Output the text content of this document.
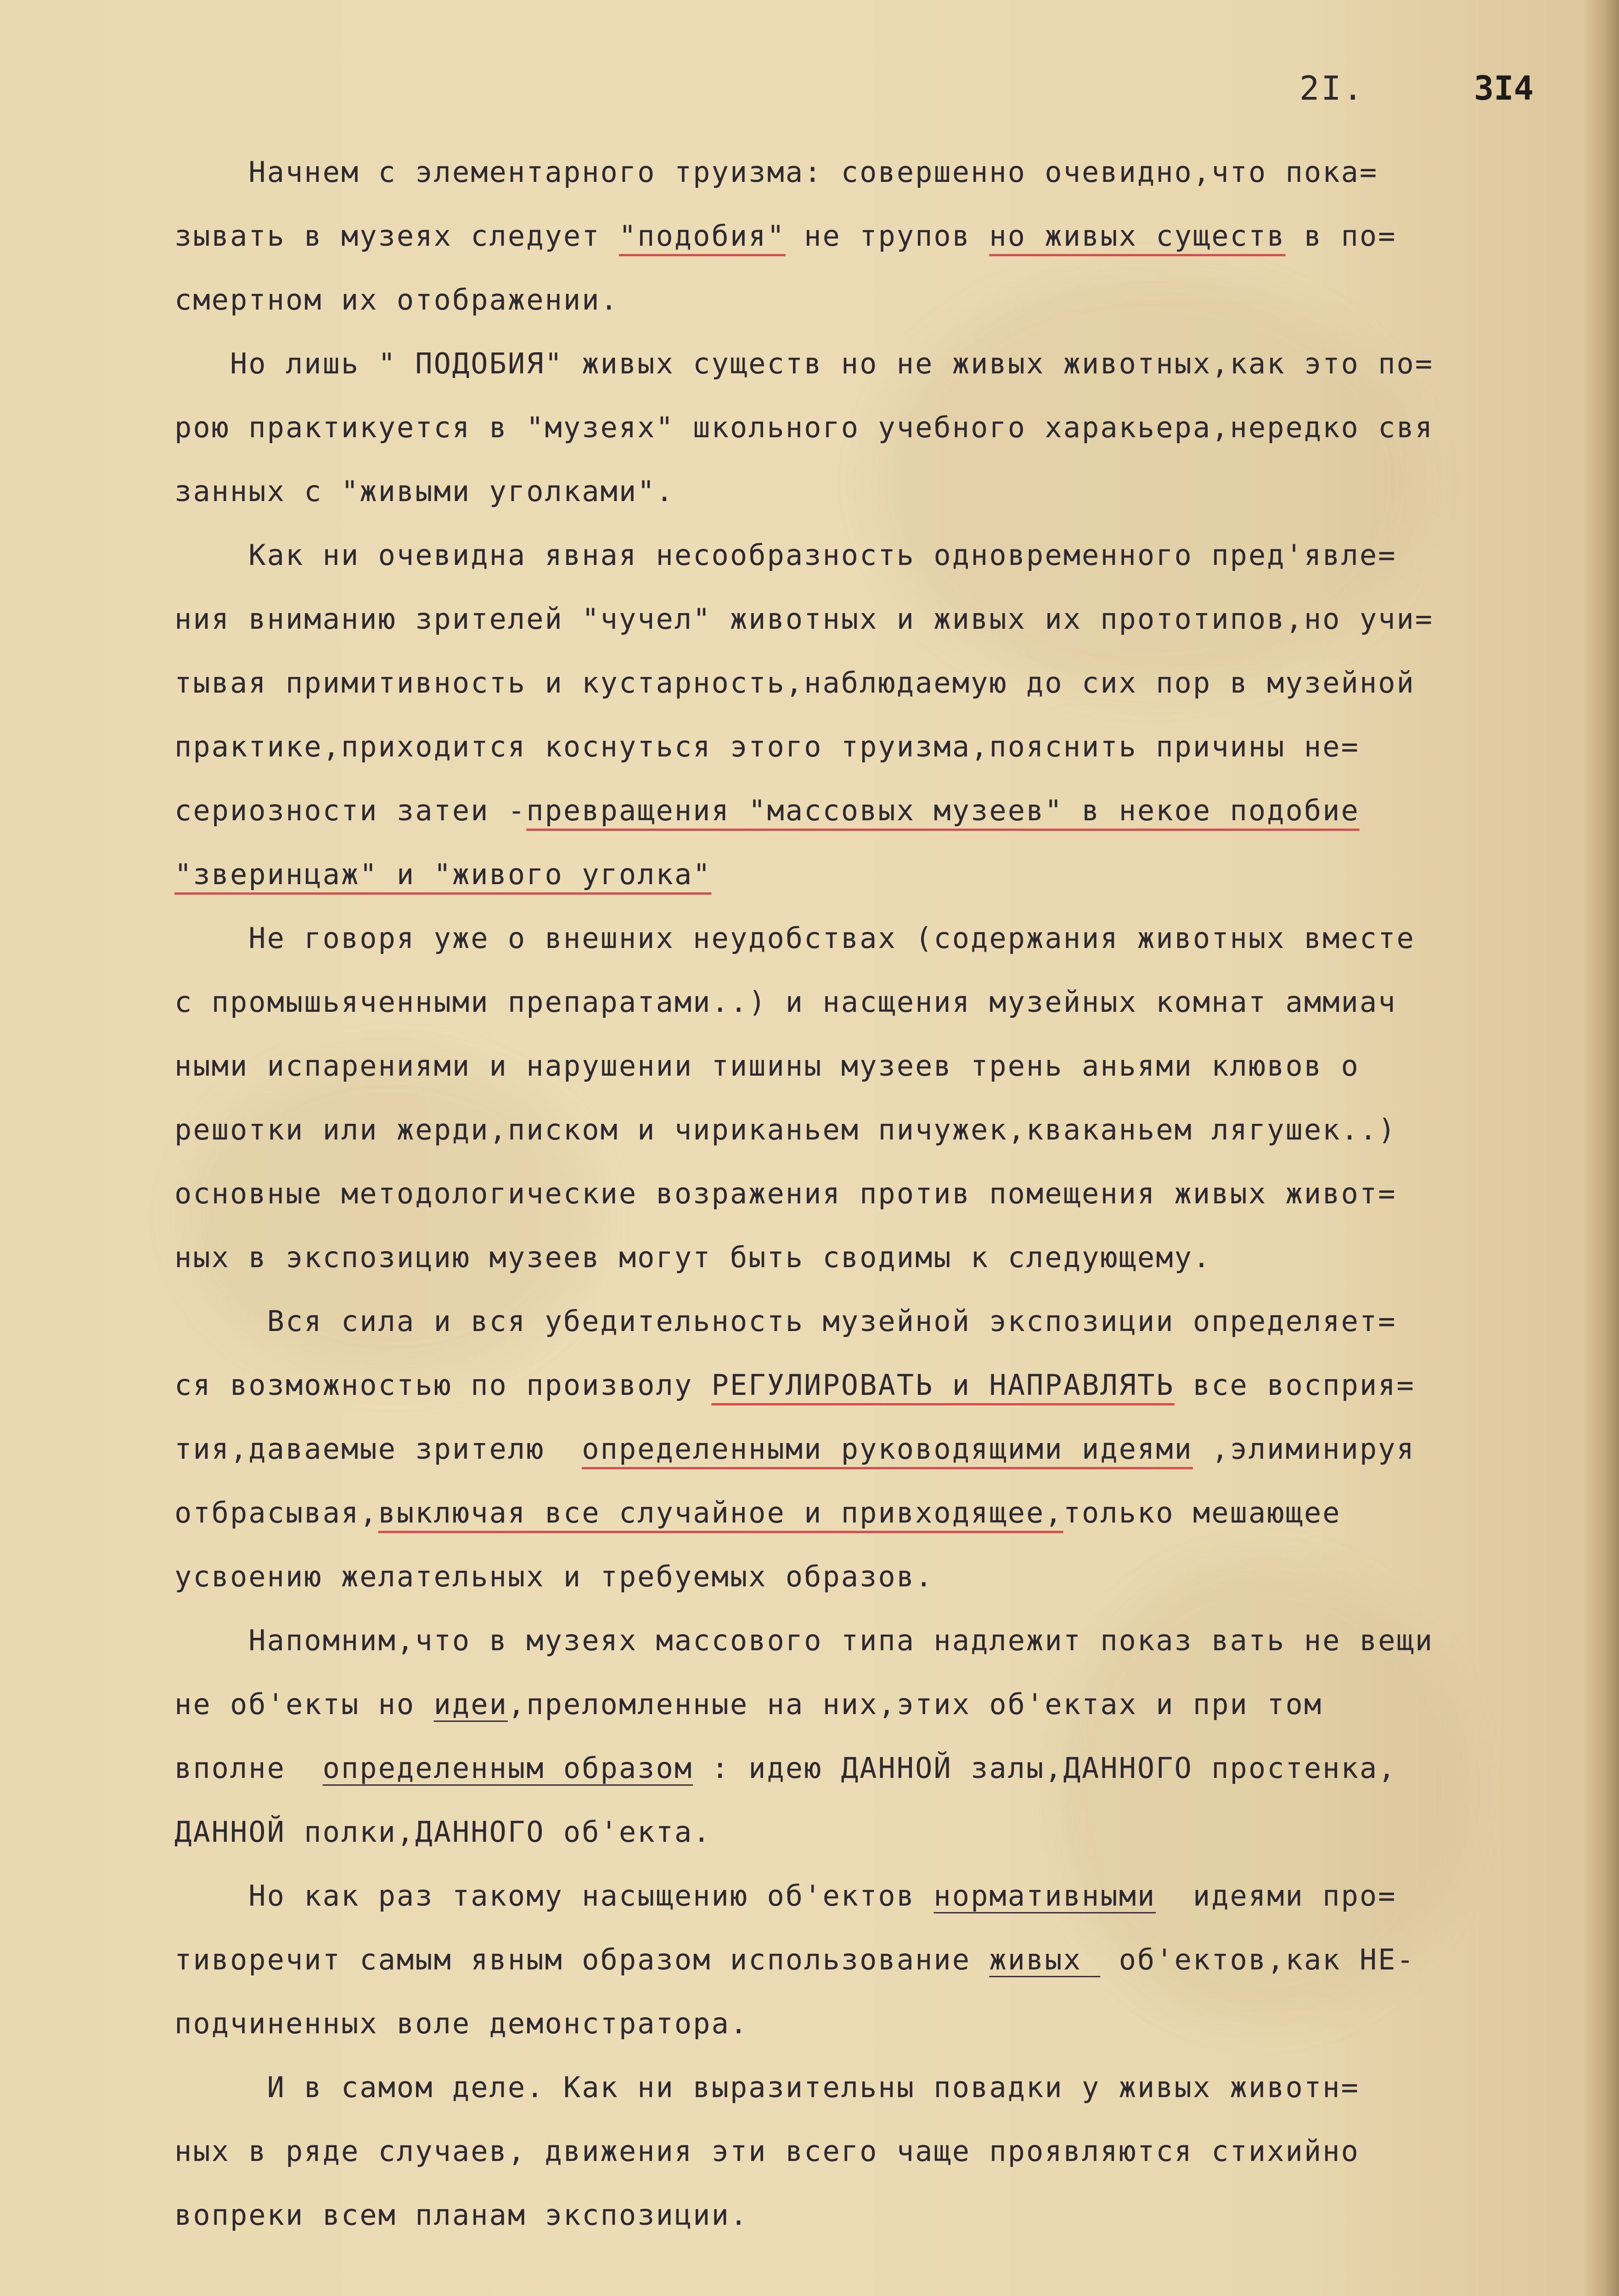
2I.	3I4
Начнем с элементарного труизма: совершенно очевидно,что пока=
зывать в музеях следует "подобия" не трупов но живых существ в по=
смертном их отображении.
Но лишь " ПОДОБИЯ" живых существ но не живых животных,как это по=
рою практикуется в "музеях" школьного учебного харакьера,нередко свя
занных с "живыми уголками".
Как ни очевидна явная несообразность одновременного пред'явле=
ния вниманию зрителей "чучел" животных и живых их прототипов,но учи=
тывая примитивность и кустарность,наблюдаемую до сих пор в музейной
практике,приходится коснуться этого труизма,пояснить причины не=
сериозности затеи -превращения "массовых музеев" в некое подобие
"зверинцаж" и "живого уголка"
Не говоря уже о внешних неудобствах (содержания животных вместе
с промышьяченными препаратами..) и насщения музейных комнат аммиач
ными испарениями и нарушении тишины музеев трень аньями клювов о
решотки или жерди,писком и чириканьем пичужек,кваканьем лягушек..)
основные методологические возражения против помещения живых живот=
ных в экспозицию музеев могут быть сводимы к следующему.
Вся сила и вся убедительность музейной экспозиции определяет=
ся возможностью по произволу РЕГУЛИРОВАТЬ и НАПРАВЛЯТЬ все восприя=
тия,даваемые зрителю  определенными руководящими идеями ,элиминируя
отбрасывая,выключая все случайное и привходящее,только мешающее
усвоению желательных и требуемых образов.
Напомним,что в музеях массового типа надлежит показ вать не вещи
не об'екты но идеи,преломленные на них,этих об'ектах и при том
вполне  определенным образом : идею ДАННОЙ залы,ДАННОГО простенка,
ДАННОЙ полки,ДАННОГО об'екта.
Но как раз такому насыщению об'ектов нормативными  идеями про=
тиворечит самым явным образом использование живых  об'ектов,как НЕ-
подчиненных воле демонстратора.
И в самом деле. Как ни выразительны повадки у живых животн=
ных в ряде случаев, движения эти всего чаще проявляются стихийно
вопреки всем планам экспозиции.
